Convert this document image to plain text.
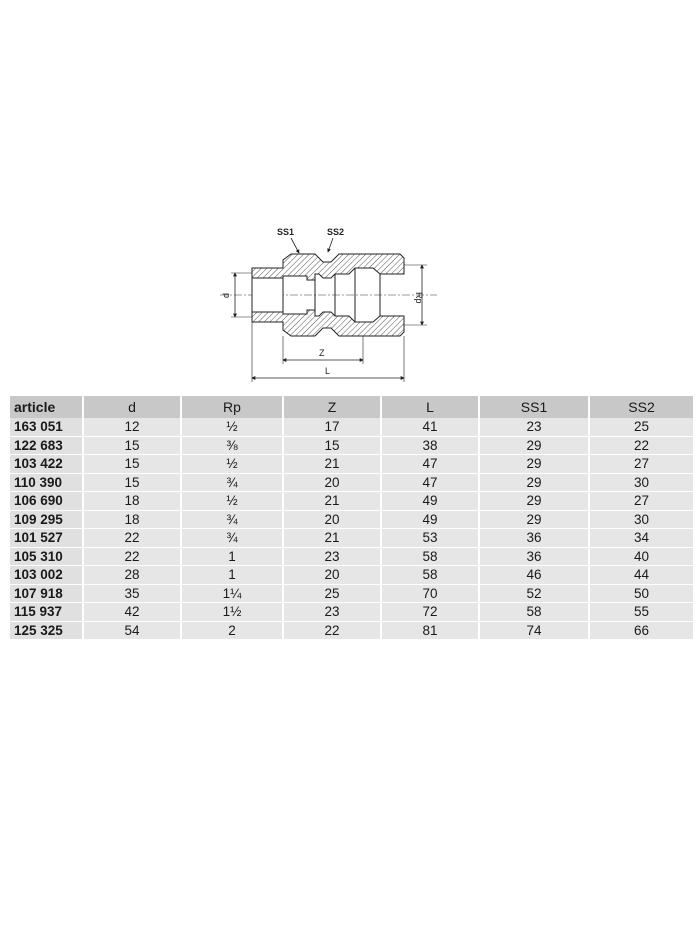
d	Rp
Z
L
SS1	SS2
article	d	Rp	Z	L	SS1	SS2
163 051	12	½	17	41	23	25
122 683	15	⅜	15	38	29	22
103 422	15	½	21	47	29	27
110 390	15	¾	20	47	29	30
106 690	18	½	21	49	29	27
109 295	18	¾	20	49	29	30
101 527	22	¾	21	53	36	34
105 310	22	1	23	58	36	40
103 002	28	1	20	58	46	44
107 918	35	1¼	25	70	52	50
115 937	42	1½	23	72	58	55
125 325	54	2	22	81	74	66
